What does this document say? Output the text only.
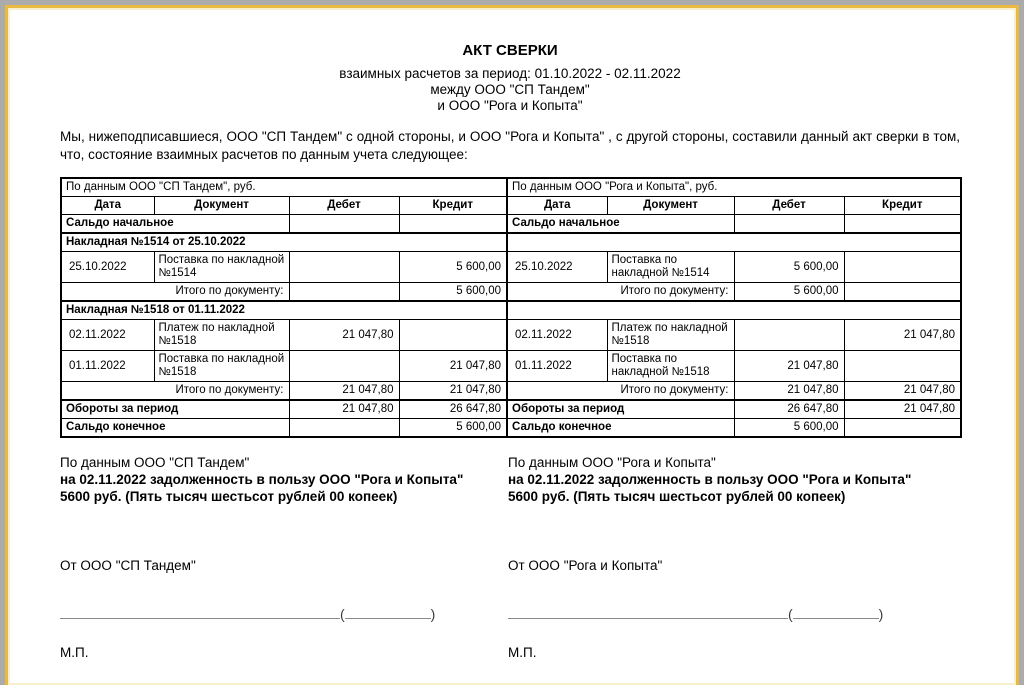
АКТ СВЕРКИ
взаимных расчетов за период: 01.10.2022 - 02.11.2022
между ООО "СП Тандем"
и ООО "Рога и Копыта"

Мы, нижеподписавшиеся, ООО "СП Тандем" с одной стороны, и ООО "Рога и Копыта" , с другой стороны, составили данный акт сверки в том, что, состояние взаимных расчетов по данным учета следующее:

По данным ООО "СП Тандем", руб.				По данным ООО "Рога и Копыта", руб.			
Дата	Документ	Дебет	Кредит	Дата	Документ	Дебет	Кредит
Сальдо начальное				Сальдо начальное			
Накладная №1514 от 25.10.2022							
25.10.2022	Поставка по накладной №1514		5 600,00	25.10.2022	Поставка по накладной №1514	5 600,00	
Итого по документу:			5 600,00	Итого по документу:		5 600,00	
Накладная №1518 от 01.11.2022							
02.11.2022	Платеж по накладной №1518	21 047,80		02.11.2022	Платеж по накладной №1518		21 047,80
01.11.2022	Поставка по накладной №1518		21 047,80	01.11.2022	Поставка по накладной №1518	21 047,80	
Итого по документу:		21 047,80	21 047,80	Итого по документу:		21 047,80	21 047,80
Обороты за период		21 047,80	26 647,80	Обороты за период		26 647,80	21 047,80
Сальдо конечное			5 600,00	Сальдо конечное		5 600,00	
По данным ООО "СП Тандем"
на 02.11.2022 задолженность в пользу ООО "Рога и Копыта" 5600 руб. (Пять тысяч шестьсот рублей 00 копеек)
По данным ООО "Рога и Копыта"
на 02.11.2022 задолженность в пользу ООО "Рога и Копыта" 5600 руб. (Пять тысяч шестьсот рублей 00 копеек)
От ООО "СП Тандем"
(	)
М.П.
От ООО "Рога и Копыта"
(	)
М.П.
